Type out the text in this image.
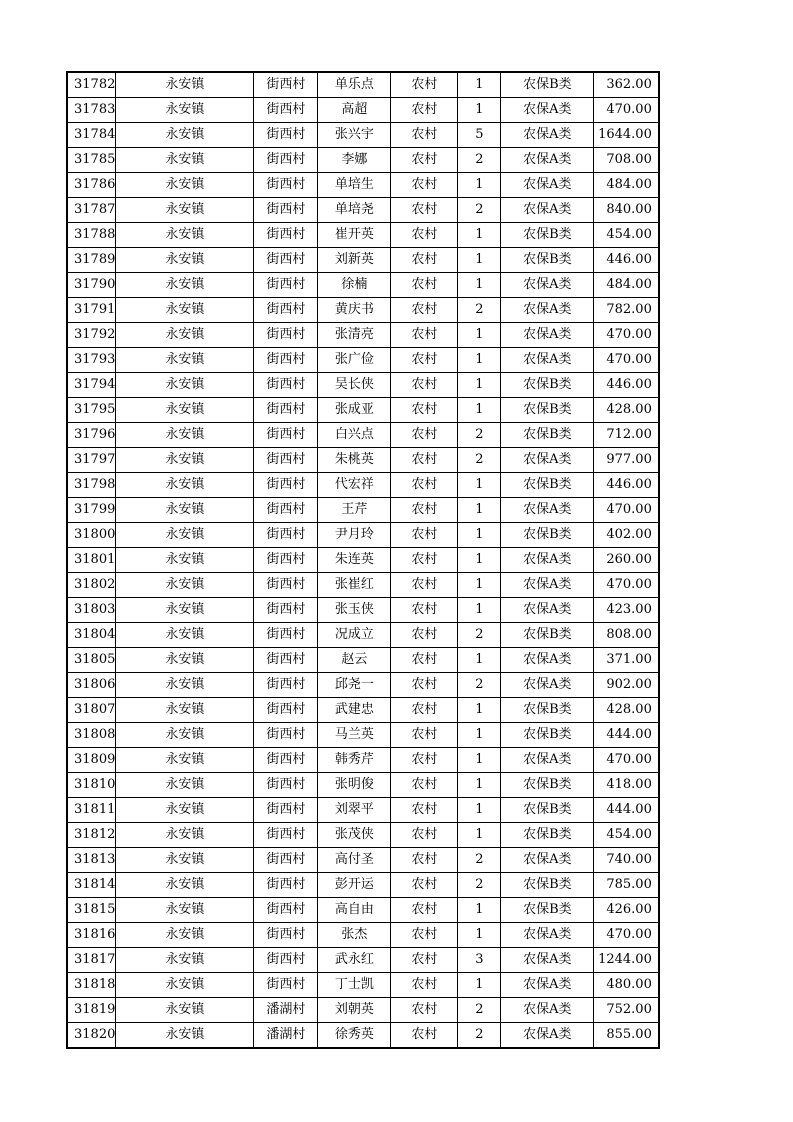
31782	永安镇	街西村	单乐点	农村	1	农保B类	362.00
31783	永安镇	街西村	高超	农村	1	农保A类	470.00
31784	永安镇	街西村	张兴宇	农村	5	农保A类	1644.00
31785	永安镇	街西村	李娜	农村	2	农保A类	708.00
31786	永安镇	街西村	单培生	农村	1	农保A类	484.00
31787	永安镇	街西村	单培尧	农村	2	农保A类	840.00
31788	永安镇	街西村	崔开英	农村	1	农保B类	454.00
31789	永安镇	街西村	刘新英	农村	1	农保B类	446.00
31790	永安镇	街西村	徐楠	农村	1	农保A类	484.00
31791	永安镇	街西村	黄庆书	农村	2	农保A类	782.00
31792	永安镇	街西村	张清亮	农村	1	农保A类	470.00
31793	永安镇	街西村	张广俭	农村	1	农保A类	470.00
31794	永安镇	街西村	吴长侠	农村	1	农保B类	446.00
31795	永安镇	街西村	张成亚	农村	1	农保B类	428.00
31796	永安镇	街西村	白兴点	农村	2	农保B类	712.00
31797	永安镇	街西村	朱桃英	农村	2	农保A类	977.00
31798	永安镇	街西村	代宏祥	农村	1	农保B类	446.00
31799	永安镇	街西村	王芹	农村	1	农保A类	470.00
31800	永安镇	街西村	尹月玲	农村	1	农保B类	402.00
31801	永安镇	街西村	朱连英	农村	1	农保A类	260.00
31802	永安镇	街西村	张崔红	农村	1	农保A类	470.00
31803	永安镇	街西村	张玉侠	农村	1	农保A类	423.00
31804	永安镇	街西村	况成立	农村	2	农保B类	808.00
31805	永安镇	街西村	赵云	农村	1	农保A类	371.00
31806	永安镇	街西村	邱尧一	农村	2	农保A类	902.00
31807	永安镇	街西村	武建忠	农村	1	农保B类	428.00
31808	永安镇	街西村	马兰英	农村	1	农保B类	444.00
31809	永安镇	街西村	韩秀芹	农村	1	农保A类	470.00
31810	永安镇	街西村	张明俊	农村	1	农保B类	418.00
31811	永安镇	街西村	刘翠平	农村	1	农保B类	444.00
31812	永安镇	街西村	张茂侠	农村	1	农保B类	454.00
31813	永安镇	街西村	高付圣	农村	2	农保A类	740.00
31814	永安镇	街西村	彭开运	农村	2	农保B类	785.00
31815	永安镇	街西村	高自由	农村	1	农保B类	426.00
31816	永安镇	街西村	张杰	农村	1	农保A类	470.00
31817	永安镇	街西村	武永红	农村	3	农保A类	1244.00
31818	永安镇	街西村	丁士凯	农村	1	农保A类	480.00
31819	永安镇	潘湖村	刘朝英	农村	2	农保A类	752.00
31820	永安镇	潘湖村	徐秀英	农村	2	农保A类	855.00
